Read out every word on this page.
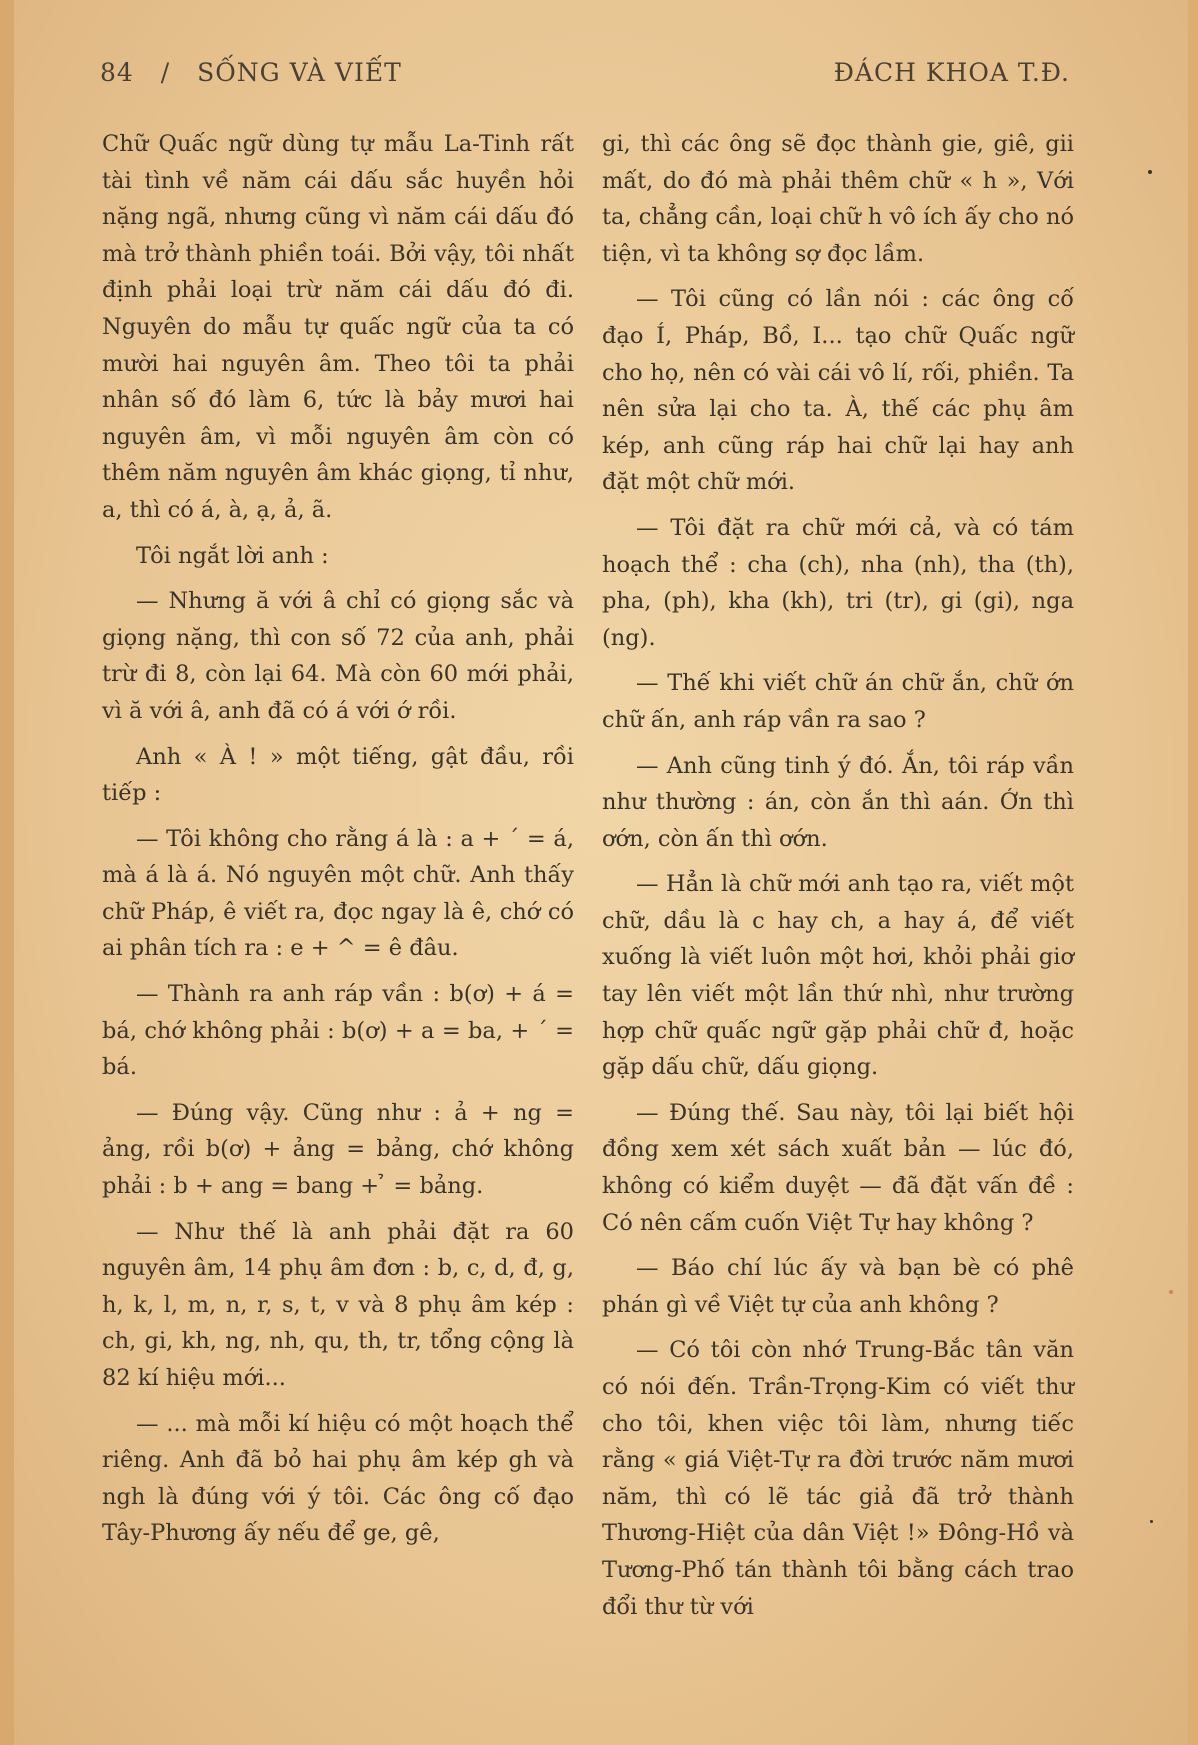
84 / SỐNG VÀ VIẾT	ĐÁCH KHOA T.Đ.

Chữ Quấc ngữ dùng tự mẫu La-Tinh rất tài tình về năm cái dấu sắc huyền hỏi nặng ngã, nhưng cũng vì năm cái dấu đó mà trở thành phiền toái. Bởi vậy, tôi nhất định phải loại trừ năm cái dấu đó đi. Nguyên do mẫu tự quấc ngữ của ta có mười hai nguyên âm. Theo tôi ta phải nhân số đó làm 6, tức là bảy mươi hai nguyên âm, vì mỗi nguyên âm còn có thêm năm nguyên âm khác giọng, tỉ như, a, thì có á, à, ạ, ả, ã.

Tôi ngắt lời anh :

— Nhưng ă với â chỉ có giọng sắc và giọng nặng, thì con số 72 của anh, phải trừ đi 8, còn lại 64. Mà còn 60 mới phải, vì ă với â, anh đã có á với ớ rồi.

Anh « À ! » một tiếng, gật đầu, rồi tiếp :

— Tôi không cho rằng á là : a + ´ = á, mà á là á. Nó nguyên một chữ. Anh thấy chữ Pháp, ê viết ra, đọc ngay là ê, chớ có ai phân tích ra : e + ^ = ê đâu.

— Thành ra anh ráp vần : b(ơ) + á = bá, chớ không phải : b(ơ) + a = ba, + ´ = bá.

— Đúng vậy. Cũng như : ả + ng = ảng, rồi b(ơ) + ảng = bảng, chớ không phải : b + ang = bang + ̉ = bảng.

— Như thế là anh phải đặt ra 60 nguyên âm, 14 phụ âm đơn : b, c, d, đ, g, h, k, l, m, n, r, s, t, v và 8 phụ âm kép : ch, gi, kh, ng, nh, qu, th, tr, tổng cộng là 82 kí hiệu mới...

— ... mà mỗi kí hiệu có một hoạch thể riêng. Anh đã bỏ hai phụ âm kép gh và ngh là đúng với ý tôi. Các ông cố đạo Tây-Phương ấy nếu để ge, gê,

gi, thì các ông sẽ đọc thành gie, giê, gii mất, do đó mà phải thêm chữ « h », Với ta, chẳng cần, loại chữ h vô ích ấy cho nó tiện, vì ta không sợ đọc lầm.

— Tôi cũng có lần nói : các ông cố đạo Í, Pháp, Bồ, I... tạo chữ Quấc ngữ cho họ, nên có vài cái vô lí, rối, phiền. Ta nên sửa lại cho ta. À, thế các phụ âm kép, anh cũng ráp hai chữ lại hay anh đặt một chữ mới.

— Tôi đặt ra chữ mới cả, và có tám hoạch thể : cha (ch), nha (nh), tha (th), pha, (ph), kha (kh), tri (tr), gi (gi), nga (ng).

— Thế khi viết chữ án chữ ắn, chữ ớn chữ ấn, anh ráp vần ra sao ?

— Anh cũng tinh ý đó. Ắn, tôi ráp vần như thường : án, còn ắn thì aán. Ớn thì ơớn, còn ấn thì ơớn.

— Hẳn là chữ mới anh tạo ra, viết một chữ, dầu là c hay ch, a hay á, để viết xuống là viết luôn một hơi, khỏi phải giơ tay lên viết một lần thứ nhì, như trường hợp chữ quấc ngữ gặp phải chữ đ, hoặc gặp dấu chữ, dấu giọng.

— Đúng thế. Sau này, tôi lại biết hội đồng xem xét sách xuất bản — lúc đó, không có kiểm duyệt — đã đặt vấn đề : Có nên cấm cuốn Việt Tự hay không ?

— Báo chí lúc ấy và bạn bè có phê phán gì về Việt tự của anh không ?

— Có tôi còn nhớ Trung-Bắc tân văn có nói đến. Trần-Trọng-Kim có viết thư cho tôi, khen việc tôi làm, nhưng tiếc rằng « giá Việt-Tự ra đời trước năm mươi năm, thì có lẽ tác giả đã trở thành Thương-Hiệt của dân Việt !» Đông-Hồ và Tương-Phố tán thành tôi bằng cách trao đổi thư từ với
